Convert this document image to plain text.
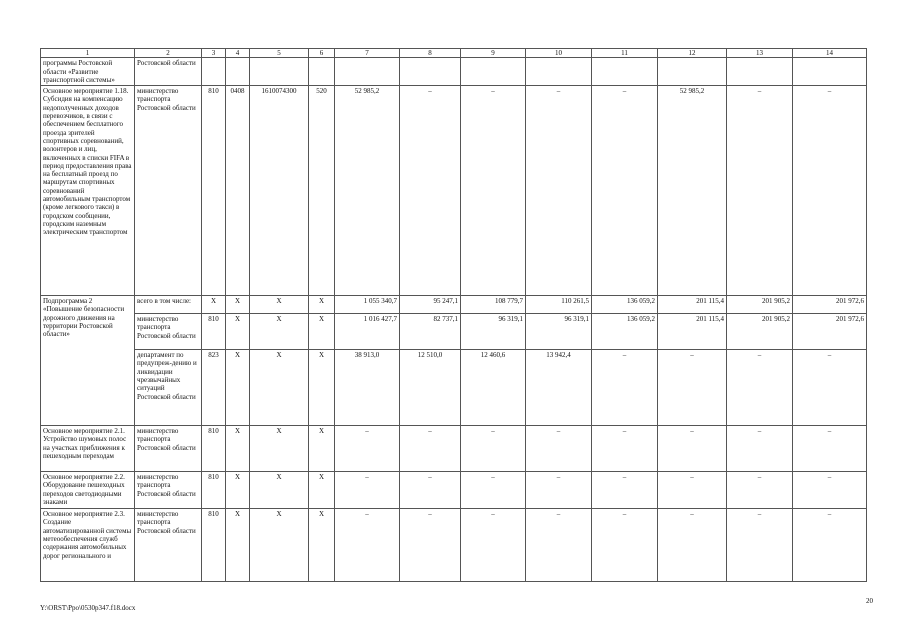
1	2	3	4	5	6	7	8	9	10	11	12	13	14
программы Ростовской области «Развитие транспортной системы»	Ростовской области												
Основное мероприятие 1.18. Субсидия на компенсацию недополученных доходов перевозчиков, в связи с обеспечением бесплатного проезда зрителей спортивных соревнований, волонтеров и лиц, включенных в списки FIFA в период предоставления права на бесплатный проезд по маршрутам спортивных соревнований автомобильным транспортом (кроме легкового такси) в городском сообщении, городским наземным электрическим транспортом	министерство транспорта Ростовской области	810	0408	1610074300	520	52 985,2	–	–	–	–	52 985,2	–	–
Подпрограмма 2 «Повышение безопасности дорожного движения на территории Ростовской области»	всего в том числе:	Х	Х	Х	Х	1 055 340,7	95 247,1	108 779,7	110 261,5	136 059,2	201 115,4	201 905,2	201 972,6
	министерство транспорта Ростовской области	810	Х	Х	Х	1 016 427,7	82 737,1	96 319,1	96 319,1	136 059,2	201 115,4	201 905,2	201 972,6
	департамент по предупреж-дению и ликвидации чрезвычайных ситуаций Ростовской области	823	Х	Х	Х	38 913,0	12 510,0	12 460,6	13 942,4	–	–	–	–
Основное мероприятие 2.1. Устройство шумовых полос на участках приближения к пешеходным переходам	министерство транспорта Ростовской области	810	Х	Х	Х	–	–	–	–	–	–	–	–
Основное мероприятие 2.2. Оборудование пешеходных переходов светодиодными знаками	министерство транспорта Ростовской области	810	Х	Х	Х	–	–	–	–	–	–	–	–
Основное мероприятие 2.3. Создание автоматизированной системы метеообеспечения служб содержания автомобильных дорог регионального и	министерство транспорта Ростовской области	810	Х	Х	Х	–	–	–	–	–	–	–	–
20
Y:\ORST\Ppo\0530p347.f18.docx
